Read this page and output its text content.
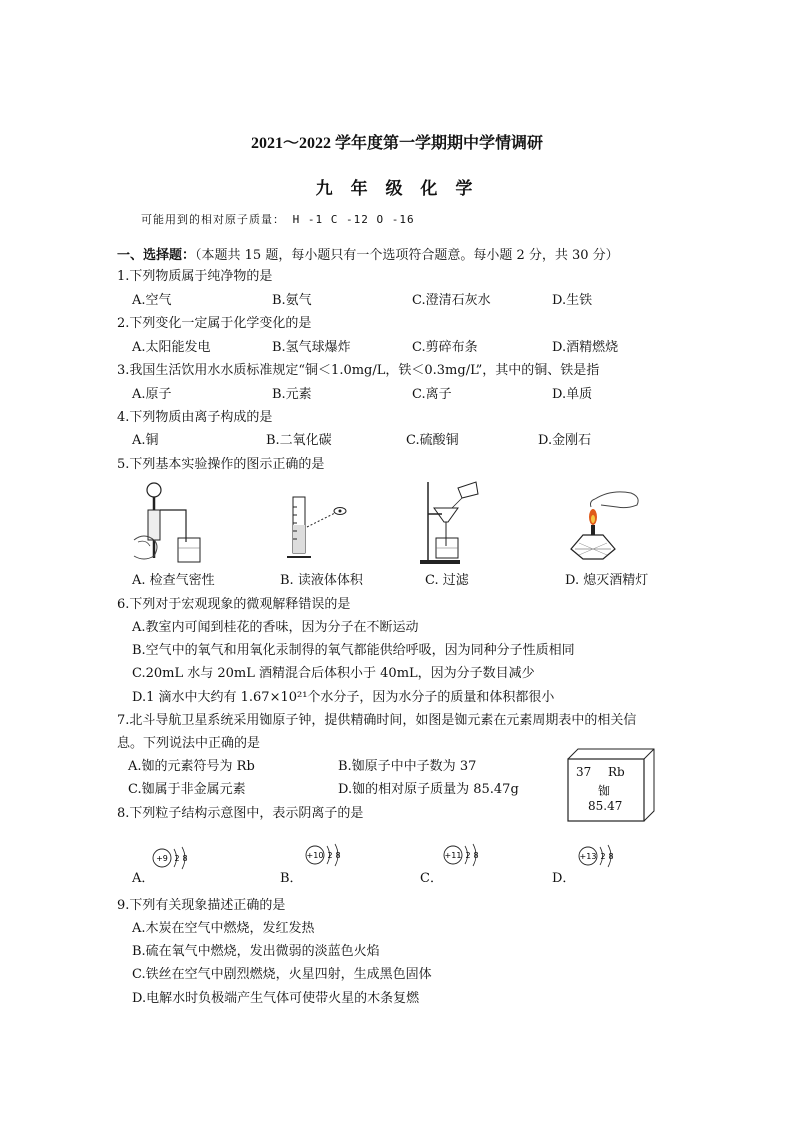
2021～2022 学年度第一学期期中学情调研
九 年 级 化 学
可能用到的相对原子质量： H -1 C -12 O -16
一、选择题：（本题共 15 题，每小题只有一个选项符合题意。每小题 2 分，共 30 分）
1.下列物质属于纯净物的是
A.空气	B.氨气	C.澄清石灰水	D.生铁
2.下列变化一定属于化学变化的是
A.太阳能发电	B.氢气球爆炸	C.剪碎布条	D.酒精燃烧
3.我国生活饮用水水质标准规定“铜＜1.0mg/L，铁＜0.3mg/L”，其中的铜、铁是指
A.原子	B.元素	C.离子	D.单质
4.下列物质由离子构成的是
A.铜	B.二氧化碳	C.硫酸铜	D.金刚石
5.下列基本实验操作的图示正确的是
A. 检查气密性	B. 读液体体积	C. 过滤	D. 熄灭酒精灯
6.下列对于宏观现象的微观解释错误的是
A.教室内可闻到桂花的香味，因为分子在不断运动
B.空气中的氧气和用氧化汞制得的氧气都能供给呼吸，因为同种分子性质相同
C.20mL 水与 20mL 酒精混合后体积小于 40mL，因为分子数目减少
D.1 滴水中大约有 1.67×10²¹个水分子，因为水分子的质量和体积都很小
7.北斗导航卫星系统采用铷原子钟，提供精确时间，如图是铷元素在元素周期表中的相关信
息。下列说法中正确的是
A.铷的元素符号为 Rb	B.铷原子中中子数为 37
C.铷属于非金属元素	D.铷的相对原子质量为 85.47g
37 Rb
铷
85.47
8.下列粒子结构示意图中，表示阴离子的是
+9 2 8	+10 2 8	+11 2 8	+13 2 8
A．	B．	C．	D．
9.下列有关现象描述正确的是
A.木炭在空气中燃烧，发红发热
B.硫在氧气中燃烧，发出微弱的淡蓝色火焰
C.铁丝在空气中剧烈燃烧，火星四射，生成黑色固体
D.电解水时负极端产生气体可使带火星的木条复燃
